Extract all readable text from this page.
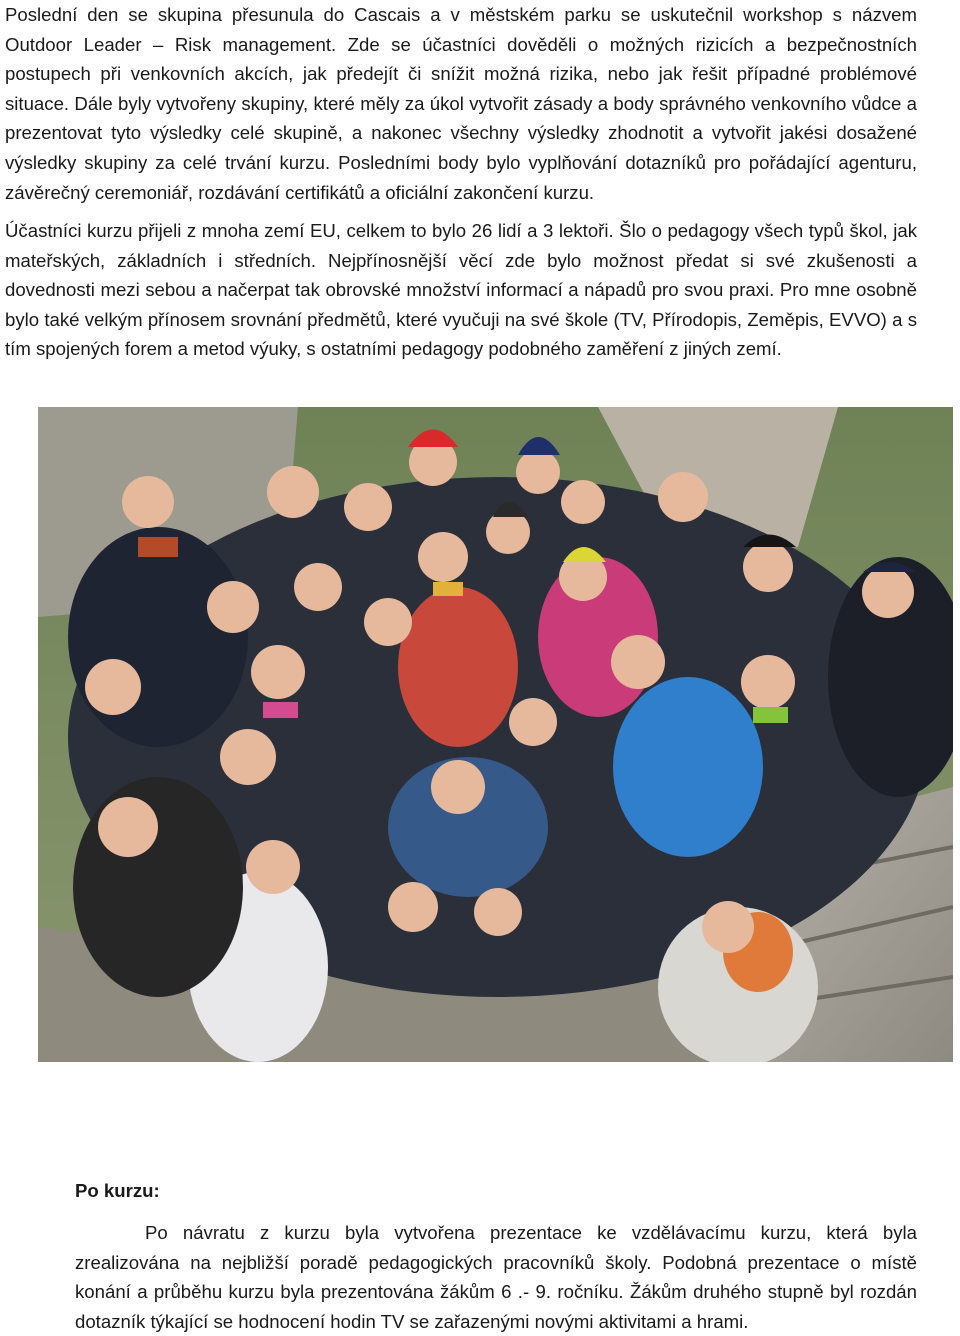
Poslední den se skupina přesunula do Cascais a v městském parku se uskutečnil workshop s názvem Outdoor Leader – Risk management. Zde se účastníci dověděli o možných rizicích a bezpečnostních postupech při venkovních akcích, jak předejít či snížit možná rizika, nebo jak řešit případné problémové situace. Dále byly vytvořeny skupiny, které měly za úkol vytvořit zásady a body správného venkovního vůdce a prezentovat tyto výsledky celé skupině, a nakonec všechny výsledky zhodnotit a vytvořit jakési dosažené výsledky skupiny za celé trvání kurzu. Posledními body bylo vyplňování dotazníků pro pořádající agenturu, závěrečný ceremoniář, rozdávání certifikátů a oficiální zakončení kurzu.

Účastníci kurzu přijeli z mnoha zemí EU, celkem to bylo 26 lidí a 3 lektoři. Šlo o pedagogy všech typů škol, jak mateřských, základních i středních. Nejpřínosnější věcí zde bylo možnost předat si své zkušenosti a dovednosti mezi sebou a načerpat tak obrovské množství informací a nápadů pro svou praxi. Pro mne osobně bylo také velkým přínosem srovnání předmětů, které vyučuji na své škole (TV, Přírodopis, Zeměpis, EVVO) a s tím spojených forem a metod výuky, s ostatními pedagogy podobného zaměření z jiných zemí.

Po kurzu:

Po návratu z kurzu byla vytvořena prezentace ke vzdělávacímu kurzu, která byla zrealizována na nejbližší poradě pedagogických pracovníků školy. Podobná prezentace o místě konání a průběhu kurzu byla prezentována žákům 6 .- 9. ročníku. Žákům druhého stupně byl rozdán dotazník týkající se hodnocení hodin TV se zařazenými novými aktivitami a hrami.
